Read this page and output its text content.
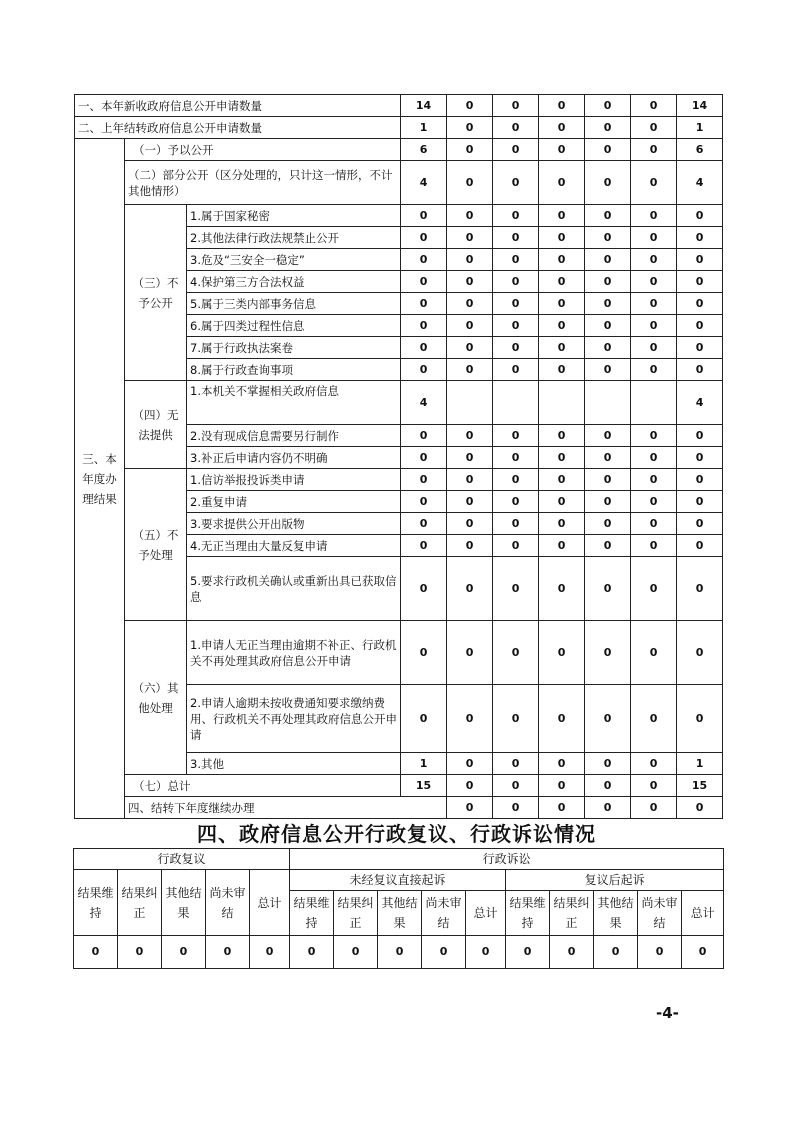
一、本年新收政府信息公开申请数量			14	0	0	0	0	0	14	
二、上年结转政府信息公开申请数量			1	0	0	0	0	0	1	
三、本年度办理结果	（一）予以公开		6	0	0	0	0	0	6	
	（二）部分公开（区分处理的，只计这一情形，不计其他情形）		4	0	0	0	0	0	4	
	（三）不予公开	1.属于国家秘密	0	0	0	0	0	0	0	
		2.其他法律行政法规禁止公开	0	0	0	0	0	0	0	
		3.危及“三安全一稳定”	0	0	0	0	0	0	0	
		4.保护第三方合法权益	0	0	0	0	0	0	0	
		5.属于三类内部事务信息	0	0	0	0	0	0	0	
		6.属于四类过程性信息	0	0	0	0	0	0	0	
		7.属于行政执法案卷	0	0	0	0	0	0	0	
		8.属于行政查询事项	0	0	0	0	0	0	0	
	（四）无法提供	1.本机关不掌握相关政府信息	4						4	
		2.没有现成信息需要另行制作	0	0	0	0	0	0	0	
		3.补正后申请内容仍不明确	0	0	0	0	0	0	0	
	（五）不予处理	1.信访举报投诉类申请	0	0	0	0	0	0	0	
		2.重复申请	0	0	0	0	0	0	0	
		3.要求提供公开出版物	0	0	0	0	0	0	0	
		4.无正当理由大量反复申请	0	0	0	0	0	0	0	
		5.要求行政机关确认或重新出具已获取信息	0	0	0	0	0	0	0	
	（六）其他处理	1.申请人无正当理由逾期不补正、行政机关不再处理其政府信息公开申请	0	0	0	0	0	0	0	
		2.申请人逾期未按收费通知要求缴纳费用、行政机关不再处理其政府信息公开申请	0	0	0	0	0	0	0	
		3.其他	1	0	0	0	0	0	1	
	（七）总计		15	0	0	0	0	0	15	
	四、结转下年度继续办理			0	0	0	0	0	0	
四、政府信息公开行政复议、行政诉讼情况
行政复议					行政诉讼									
结果维持	结果纠正	其他结果	尚未审结	总计	未经复议直接起诉					复议后起诉				
					结果维持	结果纠正	其他结果	尚未审结	总计	结果维持	结果纠正	其他结果	尚未审结	总计
0	0	0	0	0	0	0	0	0	0	0	0	0	0	0
-4-
